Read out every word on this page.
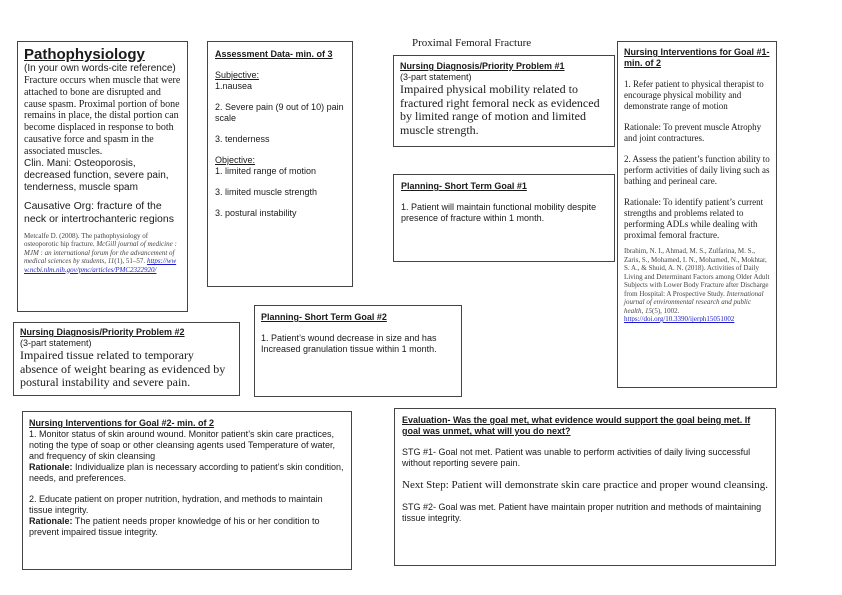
Proximal Femoral Fracture
Pathophysiology
(In your own words-cite reference)
Fracture occurs when muscle that were attached to bone are disrupted and cause spasm. Proximal portion of bone remains in place, the distal portion can become displaced in response to both causative force and spasm in the associated muscles.
Clin. Mani: Osteoporosis, decreased function, severe pain, tenderness, muscle spam
Causative Org: fracture of the neck or intertrochanteric regions
Metcalfe D. (2008). The pathophysiology of osteoporotic hip fracture. McGill journal of medicine : MJM : an international forum for the advancement of medical sciences by students, 11(1), 51–57. https://www.ncbi.nlm.nih.gov/pmc/articles/PMC2322920/
Assessment Data- min. of 3
Subjective:
1.nausea
2. Severe pain (9 out of 10) pain scale
3. tenderness
Objective:
1. limited range of motion
3. limited muscle strength
3. postural instability
Nursing Diagnosis/Priority Problem #1
(3-part statement)
Impaired physical mobility related to fractured right femoral neck as evidenced by limited range of motion and limited muscle strength.
Planning- Short Term Goal #1
1. Patient will maintain functional mobility despite presence of fracture within 1 month.
Nursing Interventions for Goal #1- min. of 2
1. Refer patient to physical therapist to encourage physical mobility and demonstrate range of motion
Rationale: To prevent muscle Atrophy and joint contractures.
2. Assess the patient’s function ability to perform activities of daily living such as bathing and perineal care.
Rationale: To identify patient’s current strengths and problems related to performing ADLs while dealing with proximal femoral fracture.
Ibrahim, N. I., Ahmad, M. S., Zulfarina, M. S., Zaris, S., Mohamed, I. N., Mohamed, N., Mokhtar, S. A., & Shuid, A. N. (2018). Activities of Daily Living and Determinant Factors among Older Adult Subjects with Lower Body Fracture after Discharge from Hospital: A Prospective Study. International journal of environmental research and public health, 15(5), 1002. https://doi.org/10.3390/ijerph15051002
Planning- Short Term Goal #2
1. Patient’s wound decrease in size and has Increased granulation tissue within 1 month.
Nursing Diagnosis/Priority Problem #2
(3-part statement)
Impaired tissue related to temporary absence of weight bearing as evidenced by postural instability and severe pain.
Nursing Interventions for Goal #2- min. of 2
1. Monitor status of skin around wound. Monitor patient’s skin care practices, noting the type of soap or other cleansing agents used Temperature of water, and frequency of skin cleansing
Rationale: Individualize plan is necessary according to patient’s skin condition, needs, and preferences.
2. Educate patient on proper nutrition, hydration, and methods to maintain tissue integrity.
Rationale: The patient needs proper knowledge of his or her condition to prevent impaired tissue integrity.
Evaluation- Was the goal met, what evidence would support the goal being met. If goal was unmet, what will you do next?
STG #1- Goal not met. Patient was unable to perform activities of daily living successful without reporting severe pain.
Next Step: Patient will demonstrate skin care practice and proper wound cleansing.
STG #2- Goal was met. Patient have maintain proper nutrition and methods of maintaining tissue integrity.
